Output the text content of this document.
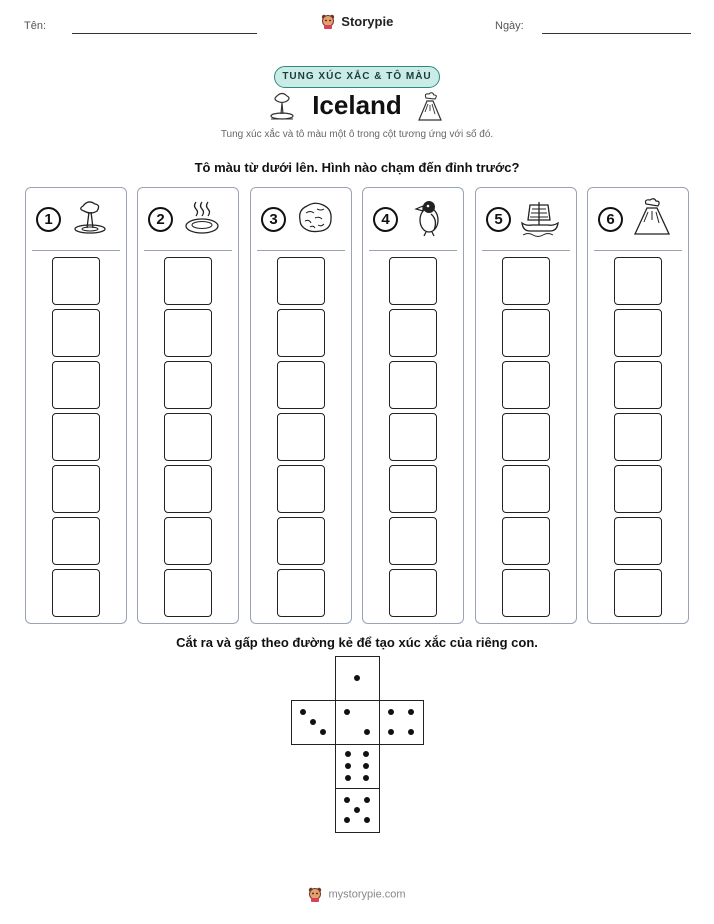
Tên:	Storypie	Ngày:
TUNG XÚC XẮC & TÔ MÀU
Iceland
Tung xúc xắc và tô màu một ô trong cột tương ứng với số đó.
Tô màu từ dưới lên. Hình nào chạm đến đỉnh trước?
1	2	3	4	5	6
Cắt ra và gấp theo đường kẻ để tạo xúc xắc của riêng con.
mystorypie.com
